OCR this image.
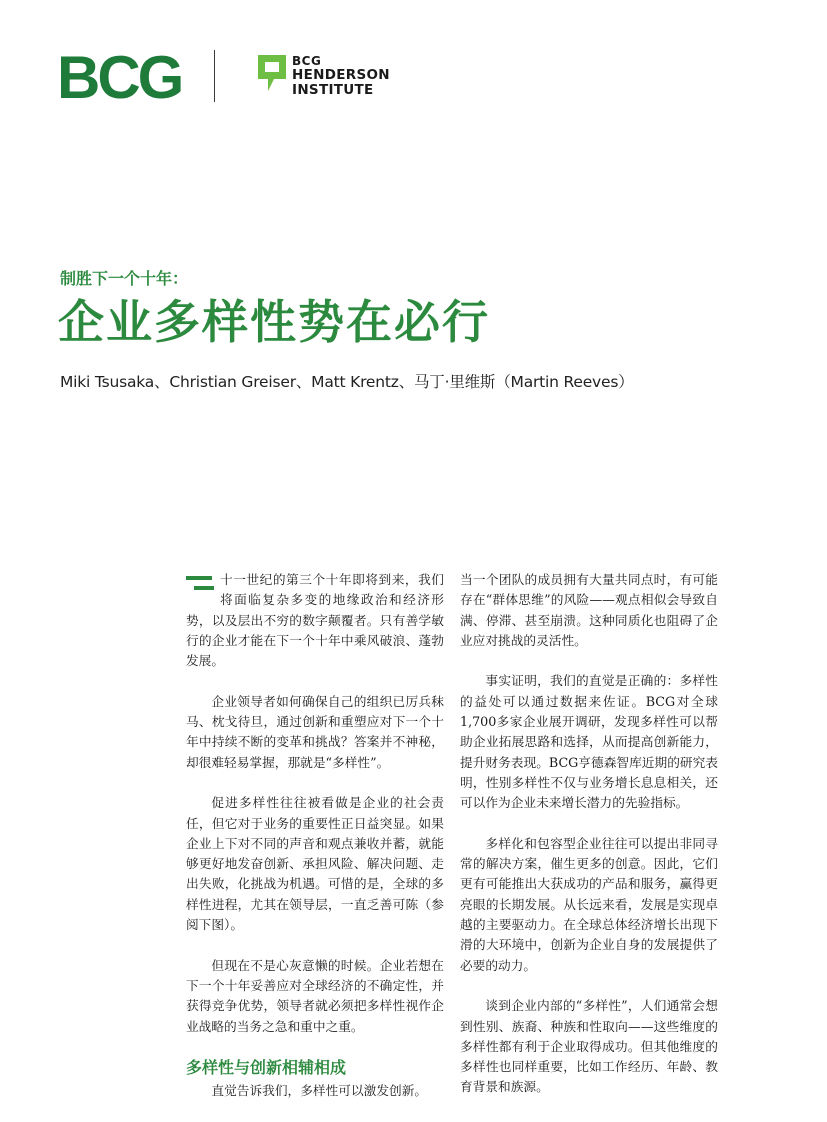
BCG	BCG
HENDERSON
INSTITUTE
制胜下一个十年：
企业多样性势在必行
Miki Tsusaka、Christian Greiser、Matt Krentz、马丁·里维斯（Martin Reeves）

十一世纪的第三个十年即将到来，我们将面临复杂多变的地缘政治和经济形势，以及层出不穷的数字颠覆者。只有善学敏行的企业才能在下一个十年中乘风破浪、蓬勃发展。

企业领导者如何确保自己的组织已厉兵秣马、枕戈待旦，通过创新和重塑应对下一个十年中持续不断的变革和挑战？答案并不神秘，却很难轻易掌握，那就是“多样性”。

促进多样性往往被看做是企业的社会责任，但它对于业务的重要性正日益突显。如果企业上下对不同的声音和观点兼收并蓄，就能够更好地发奋创新、承担风险、解决问题、走出失败，化挑战为机遇。可惜的是，全球的多样性进程，尤其在领导层，一直乏善可陈（参阅下图）。

但现在不是心灰意懒的时候。企业若想在下一个十年妥善应对全球经济的不确定性，并获得竞争优势，领导者就必须把多样性视作企业战略的当务之急和重中之重。

多样性与创新相辅相成

直觉告诉我们，多样性可以激发创新。

当一个团队的成员拥有大量共同点时，有可能存在“群体思维”的风险——观点相似会导致自满、停滞、甚至崩溃。这种同质化也阻碍了企业应对挑战的灵活性。

事实证明，我们的直觉是正确的：多样性的益处可以通过数据来佐证。BCG对全球1,700多家企业展开调研，发现多样性可以帮助企业拓展思路和选择，从而提高创新能力，提升财务表现。BCG亨德森智库近期的研究表明，性别多样性不仅与业务增长息息相关，还可以作为企业未来增长潜力的先验指标。

多样化和包容型企业往往可以提出非同寻常的解决方案，催生更多的创意。因此，它们更有可能推出大获成功的产品和服务，赢得更亮眼的长期发展。从长远来看，发展是实现卓越的主要驱动力。在全球总体经济增长出现下滑的大环境中，创新为企业自身的发展提供了必要的动力。

谈到企业内部的“多样性”，人们通常会想到性别、族裔、种族和性取向——这些维度的多样性都有利于企业取得成功。但其他维度的多样性也同样重要，比如工作经历、年龄、教育背景和族源。
